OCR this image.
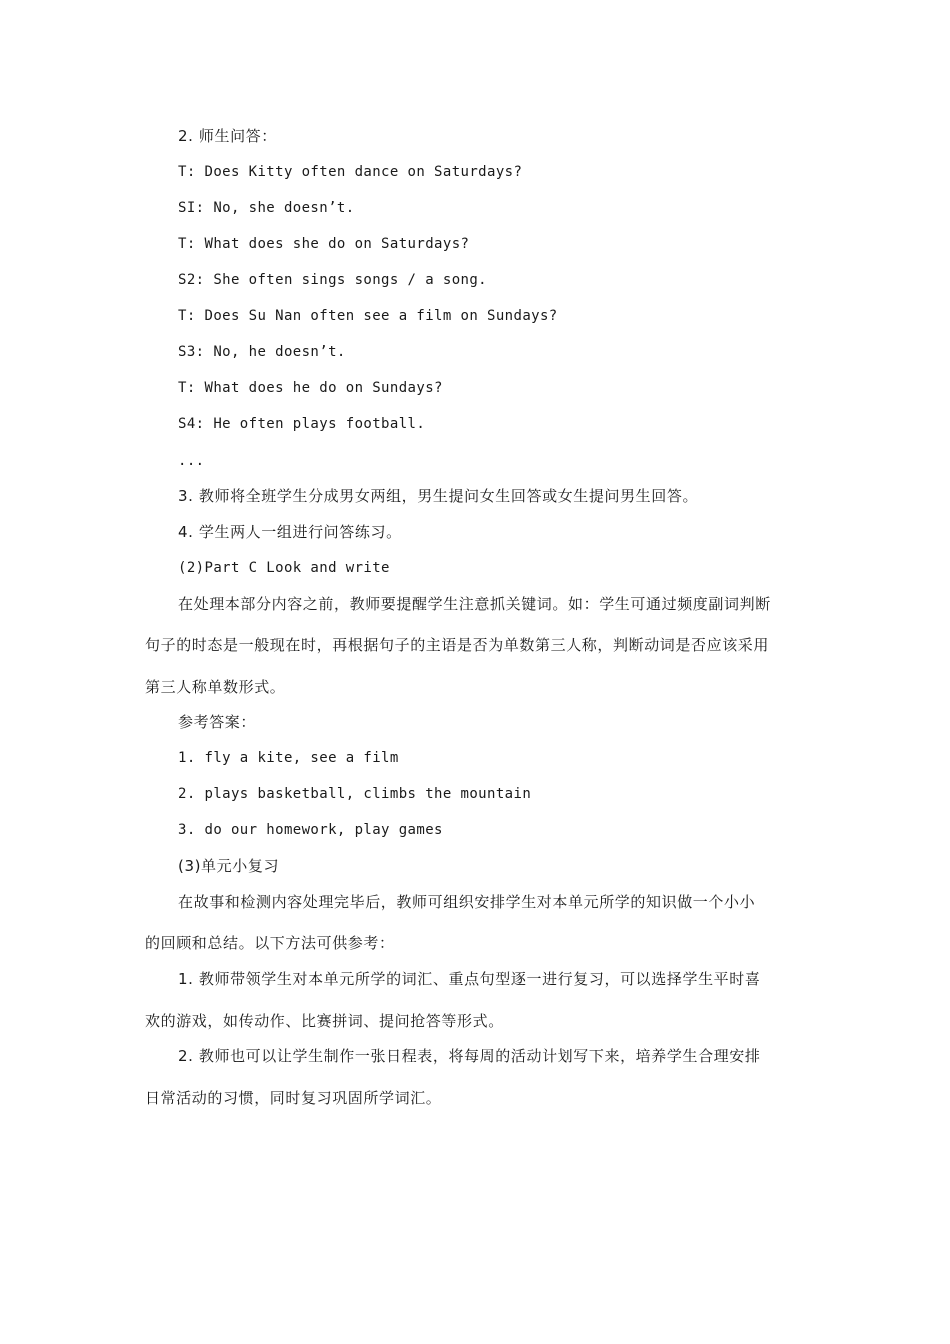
2. 师生问答：
T: Does Kitty often dance on Saturdays?
SI: No, she doesn’t.
T: What does she do on Saturdays?
S2: She often sings songs / a song.
T: Does Su Nan often see a film on Sundays?
S3: No, he doesn’t.
T: What does he do on Sundays?
S4: He often plays football.
...
3. 教师将全班学生分成男女两组，男生提问女生回答或女生提问男生回答。
4. 学生两人一组进行问答练习。
(2)Part C Look and write
在处理本部分内容之前，教师要提醒学生注意抓关键词。如：学生可通过频度副词判断
句子的时态是一般现在时，再根据句子的主语是否为单数第三人称，判断动词是否应该采用
第三人称单数形式。
参考答案：
1. fly a kite, see a film
2. plays basketball, climbs the mountain
3. do our homework, play games
(3)单元小复习
在故事和检测内容处理完毕后，教师可组织安排学生对本单元所学的知识做一个小小
的回顾和总结。以下方法可供参考：
1. 教师带领学生对本单元所学的词汇、重点句型逐一进行复习，可以选择学生平时喜
欢的游戏，如传动作、比赛拼词、提问抢答等形式。
2. 教师也可以让学生制作一张日程表，将每周的活动计划写下来，培养学生合理安排
日常活动的习惯，同时复习巩固所学词汇。
